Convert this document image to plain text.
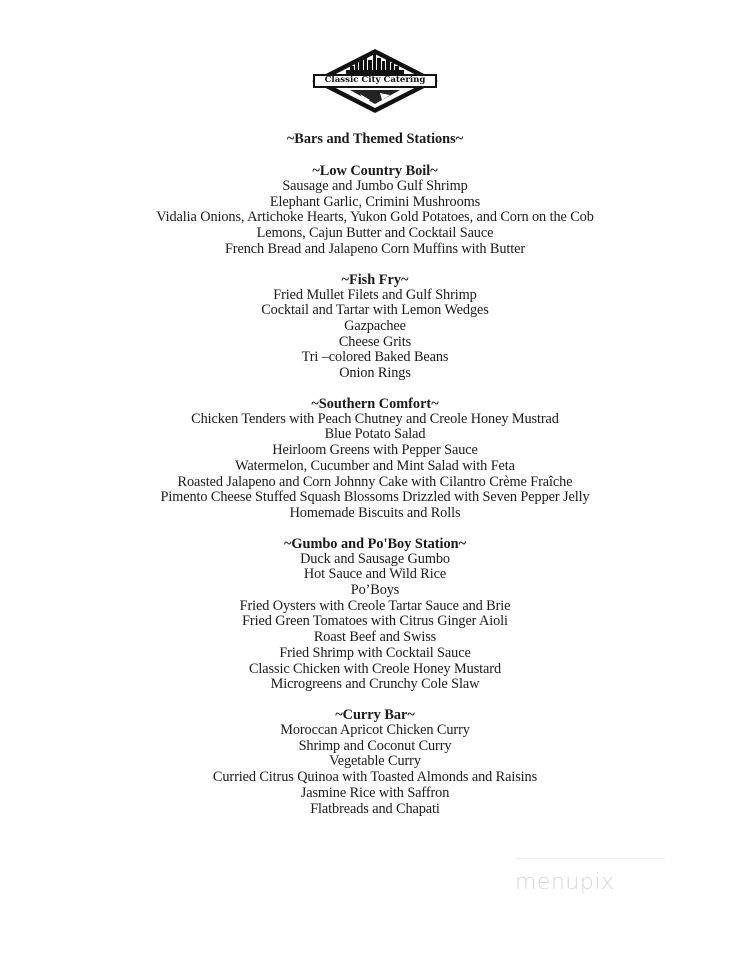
Classic City Catering
~Bars and Themed Stations~
~Low Country Boil~
Sausage and Jumbo Gulf Shrimp
Elephant Garlic, Crimini Mushrooms
Vidalia Onions, Artichoke Hearts, Yukon Gold Potatoes, and Corn on the Cob
Lemons, Cajun Butter and Cocktail Sauce
French Bread and Jalapeno Corn Muffins with Butter
~Fish Fry~
Fried Mullet Filets and Gulf Shrimp
Cocktail and Tartar with Lemon Wedges
Gazpachee
Cheese Grits
Tri –colored Baked Beans
Onion Rings
~Southern Comfort~
Chicken Tenders with Peach Chutney and Creole Honey Mustrad
Blue Potato Salad
Heirloom Greens with Pepper Sauce
Watermelon, Cucumber and Mint Salad with Feta
Roasted Jalapeno and Corn Johnny Cake with Cilantro Crème Fraîche
Pimento Cheese Stuffed Squash Blossoms Drizzled with Seven Pepper Jelly
Homemade Biscuits and Rolls
~Gumbo and Po'Boy Station~
Duck and Sausage Gumbo
Hot Sauce and Wild Rice
Po’Boys
Fried Oysters with Creole Tartar Sauce and Brie
Fried Green Tomatoes with Citrus Ginger Aioli
Roast Beef and Swiss
Fried Shrimp with Cocktail Sauce
Classic Chicken with Creole Honey Mustard
Microgreens and Crunchy Cole Slaw
~Curry Bar~
Moroccan Apricot Chicken Curry
Shrimp and Coconut Curry
Vegetable Curry
Curried Citrus Quinoa with Toasted Almonds and Raisins
Jasmine Rice with Saffron
Flatbreads and Chapati
menupix
